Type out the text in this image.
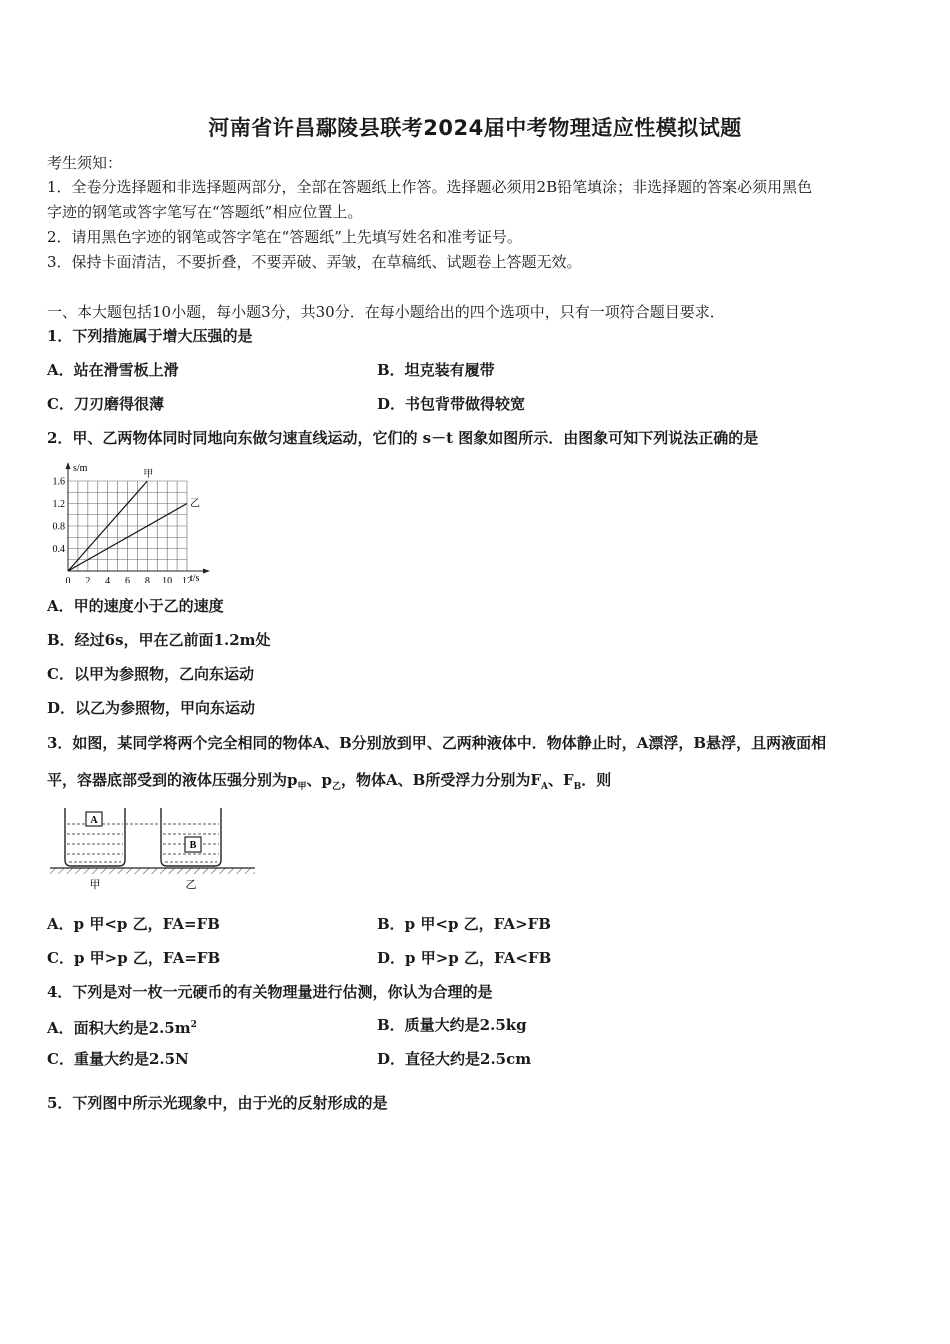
河南省许昌鄢陵县联考2024届中考物理适应性模拟试题
考生须知：
1．全卷分选择题和非选择题两部分，全部在答题纸上作答。选择题必须用2B铅笔填涂；非选择题的答案必须用黑色
字迹的钢笔或答字笔写在“答题纸”相应位置上。
2．请用黑色字迹的钢笔或答字笔在“答题纸”上先填写姓名和准考证号。
3．保持卡面清洁，不要折叠，不要弄破、弄皱，在草稿纸、试题卷上答题无效。
一、本大题包括10小题，每小题3分，共30分．在每小题给出的四个选项中，只有一项符合题目要求．
1．下列措施属于增大压强的是
A．站在滑雪板上滑	B．坦克装有履带
C．刀刃磨得很薄	D．书包背带做得较宽
2．甲、乙两物体同时同地向东做匀速直线运动，它们的 s－t 图象如图所示．由图象可知下列说法正确的是
s/m
t/s
0 2 4 6 8 10 12
0.4
0.8
1.2
1.6
甲
乙
A．甲的速度小于乙的速度
B．经过6s，甲在乙前面1.2m处
C．以甲为参照物，乙向东运动
D．以乙为参照物，甲向东运动
3．如图，某同学将两个完全相同的物体A、B分别放到甲、乙两种液体中．物体静止时，A漂浮，B悬浮，且两液面相
平，容器底部受到的液体压强分别为$p_甲$、$p_乙$，物体A、B所受浮力分别为$F_A$、$F_B$．则
A
B
甲	乙
A．p 甲<p 乙，FA=FB	B．p 甲<p 乙，FA>FB
C．p 甲>p 乙，FA=FB	D．p 甲>p 乙，FA<FB
4．下列是对一枚一元硬币的有关物理量进行估测，你认为合理的是
A．面积大约是$2.5m^2$	B．质量大约是2.5kg
C．重量大约是2.5N	D．直径大约是2.5cm
5．下列图中所示光现象中，由于光的反射形成的是
